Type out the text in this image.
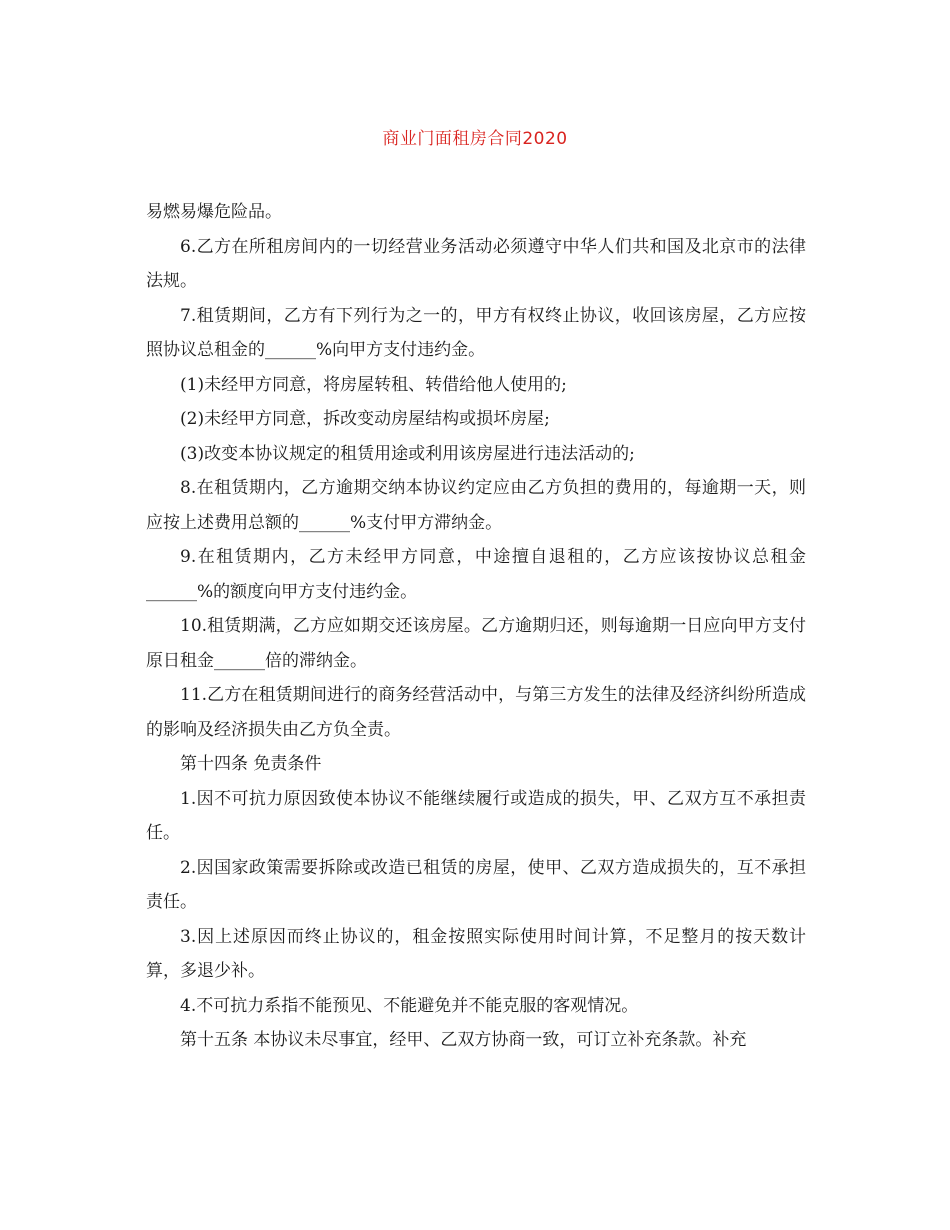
商业门面租房合同2020

易燃易爆危险品。

6.乙方在所租房间内的一切经营业务活动必须遵守中华人们共和国及北京市的法律法规。

7.租赁期间，乙方有下列行为之一的，甲方有权终止协议，收回该房屋，乙方应按照协议总租金的______%向甲方支付违约金。

(1)未经甲方同意，将房屋转租、转借给他人使用的;

(2)未经甲方同意，拆改变动房屋结构或损坏房屋;

(3)改变本协议规定的租赁用途或利用该房屋进行违法活动的;

8.在租赁期内，乙方逾期交纳本协议约定应由乙方负担的费用的，每逾期一天，则应按上述费用总额的______%支付甲方滞纳金。

9.在租赁期内，乙方未经甲方同意，中途擅自退租的，乙方应该按协议总租金______%的额度向甲方支付违约金。

10.租赁期满，乙方应如期交还该房屋。乙方逾期归还，则每逾期一日应向甲方支付原日租金______倍的滞纳金。

11.乙方在租赁期间进行的商务经营活动中，与第三方发生的法律及经济纠纷所造成的影响及经济损失由乙方负全责。

第十四条 免责条件

1.因不可抗力原因致使本协议不能继续履行或造成的损失，甲、乙双方互不承担责任。

2.因国家政策需要拆除或改造已租赁的房屋，使甲、乙双方造成损失的，互不承担责任。

3.因上述原因而终止协议的，租金按照实际使用时间计算，不足整月的按天数计算，多退少补。

4.不可抗力系指不能预见、不能避免并不能克服的客观情况。

第十五条 本协议未尽事宜，经甲、乙双方协商一致，可订立补充条款。补充
